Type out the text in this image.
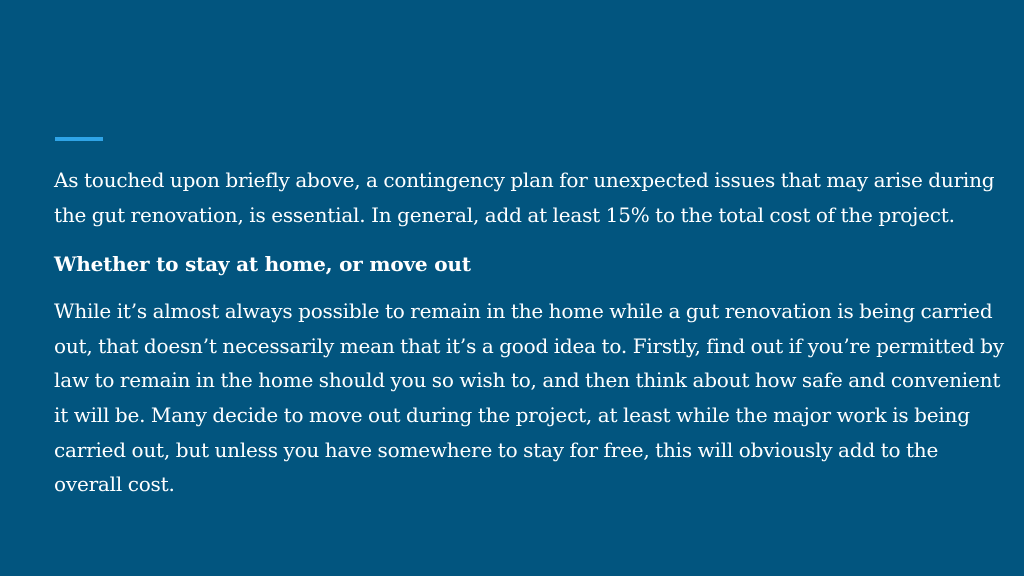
As touched upon briefly above, a contingency plan for unexpected issues that may arise during the gut renovation, is essential. In general, add at least 15% to the total cost of the project.

Whether to stay at home, or move out

While it’s almost always possible to remain in the home while a gut renovation is being carried out, that doesn’t necessarily mean that it’s a good idea to. Firstly, find out if you’re permitted by law to remain in the home should you so wish to, and then think about how safe and convenient it will be. Many decide to move out during the project, at least while the major work is being carried out, but unless you have somewhere to stay for free, this will obviously add to the overall cost.
